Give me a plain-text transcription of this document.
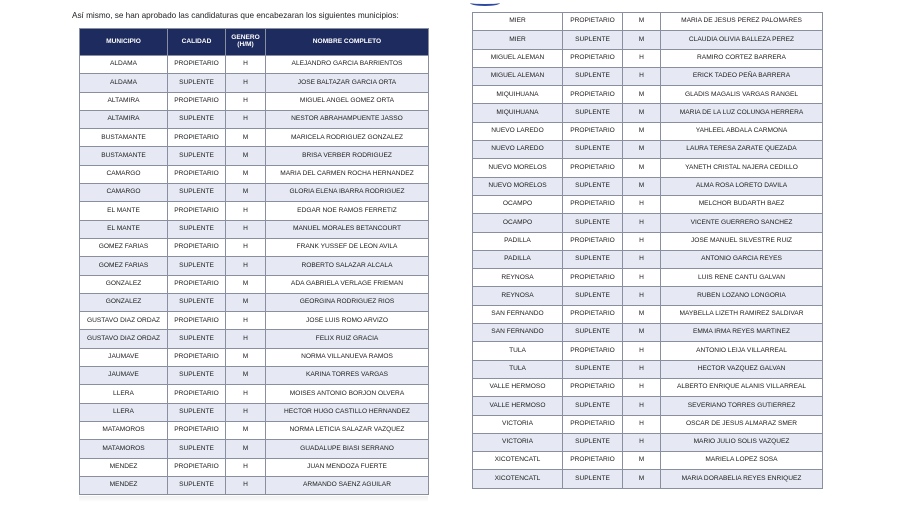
Así mismo, se han aprobado las candidaturas que encabezaran los siguientes municipios:
MUNICIPIO	CALIDAD	GENERO (H/M)	NOMBRE COMPLETO
ALDAMA	PROPIETARIO	H	ALEJANDRO GARCIA BARRIENTOS
ALDAMA	SUPLENTE	H	JOSE BALTAZAR GARCIA ORTA
ALTAMIRA	PROPIETARIO	H	MIGUEL ANGEL GOMEZ ORTA
ALTAMIRA	SUPLENTE	H	NESTOR ABRAHAMPUENTE JASSO
BUSTAMANTE	PROPIETARIO	M	MARICELA RODRIGUEZ GONZALEZ
BUSTAMANTE	SUPLENTE	M	BRISA VERBER RODRIGUEZ
CAMARGO	PROPIETARIO	M	MARIA DEL CARMEN ROCHA HERNANDEZ
CAMARGO	SUPLENTE	M	GLORIA ELENA IBARRA RODRIGUEZ
EL MANTE	PROPIETARIO	H	EDGAR NOE RAMOS FERRETIZ
EL MANTE	SUPLENTE	H	MANUEL MORALES BETANCOURT
GOMEZ FARIAS	PROPIETARIO	H	FRANK YUSSEF DE LEON AVILA
GOMEZ FARIAS	SUPLENTE	H	ROBERTO SALAZAR ALCALA
GONZALEZ	PROPIETARIO	M	ADA GABRIELA VERLAGE FRIEMAN
GONZALEZ	SUPLENTE	M	GEORGINA RODRIGUEZ RIOS
GUSTAVO DIAZ ORDAZ	PROPIETARIO	H	JOSE LUIS ROMO ARVIZO
GUSTAVO DIAZ ORDAZ	SUPLENTE	H	FELIX RUIZ GRACIA
JAUMAVE	PROPIETARIO	M	NORMA VILLANUEVA RAMOS
JAUMAVE	SUPLENTE	M	KARINA TORRES VARGAS
LLERA	PROPIETARIO	H	MOISES ANTONIO BORJON OLVERA
LLERA	SUPLENTE	H	HECTOR HUGO CASTILLO HERNANDEZ
MATAMOROS	PROPIETARIO	M	NORMA LETICIA SALAZAR VAZQUEZ
MATAMOROS	SUPLENTE	M	GUADALUPE BIASI SERRANO
MENDEZ	PROPIETARIO	H	JUAN MENDOZA FUERTE
MENDEZ	SUPLENTE	H	ARMANDO SAENZ AGUILAR
MIER	PROPIETARIO	M	MARIA DE JESUS PEREZ PALOMARES
MIER	SUPLENTE	M	CLAUDIA OLIVIA BALLEZA PEREZ
MIGUEL ALEMAN	PROPIETARIO	H	RAMIRO CORTEZ BARRERA
MIGUEL ALEMAN	SUPLENTE	H	ERICK TADEO PEÑA BARRERA
MIQUIHUANA	PROPIETARIO	M	GLADIS MAGALIS VARGAS RANGEL
MIQUIHUANA	SUPLENTE	M	MARIA DE LA LUZ COLUNGA HERRERA
NUEVO LAREDO	PROPIETARIO	M	YAHLEEL ABDALA CARMONA
NUEVO LAREDO	SUPLENTE	M	LAURA TERESA ZARATE QUEZADA
NUEVO MORELOS	PROPIETARIO	M	YANETH CRISTAL NAJERA CEDILLO
NUEVO MORELOS	SUPLENTE	M	ALMA ROSA LORETO DAVILA
OCAMPO	PROPIETARIO	H	MELCHOR BUDARTH BAEZ
OCAMPO	SUPLENTE	H	VICENTE GUERRERO SANCHEZ
PADILLA	PROPIETARIO	H	JOSE MANUEL SILVESTRE RUIZ
PADILLA	SUPLENTE	H	ANTONIO GARCIA REYES
REYNOSA	PROPIETARIO	H	LUIS RENE CANTU GALVAN
REYNOSA	SUPLENTE	H	RUBEN LOZANO LONGORIA
SAN FERNANDO	PROPIETARIO	M	MAYBELLA LIZETH RAMIREZ SALDIVAR
SAN FERNANDO	SUPLENTE	M	EMMA IRMA REYES MARTINEZ
TULA	PROPIETARIO	H	ANTONIO LEIJA VILLARREAL
TULA	SUPLENTE	H	HECTOR VAZQUEZ GALVAN
VALLE HERMOSO	PROPIETARIO	H	ALBERTO ENRIQUE ALANIS VILLARREAL
VALLE HERMOSO	SUPLENTE	H	SEVERIANO TORRES GUTIERREZ
VICTORIA	PROPIETARIO	H	OSCAR DE JESUS ALMARAZ SMER
VICTORIA	SUPLENTE	H	MARIO JULIO SOLIS VAZQUEZ
XICOTENCATL	PROPIETARIO	M	MARIELA LOPEZ SOSA
XICOTENCATL	SUPLENTE	M	MARIA DORABELIA REYES ENRIQUEZ
